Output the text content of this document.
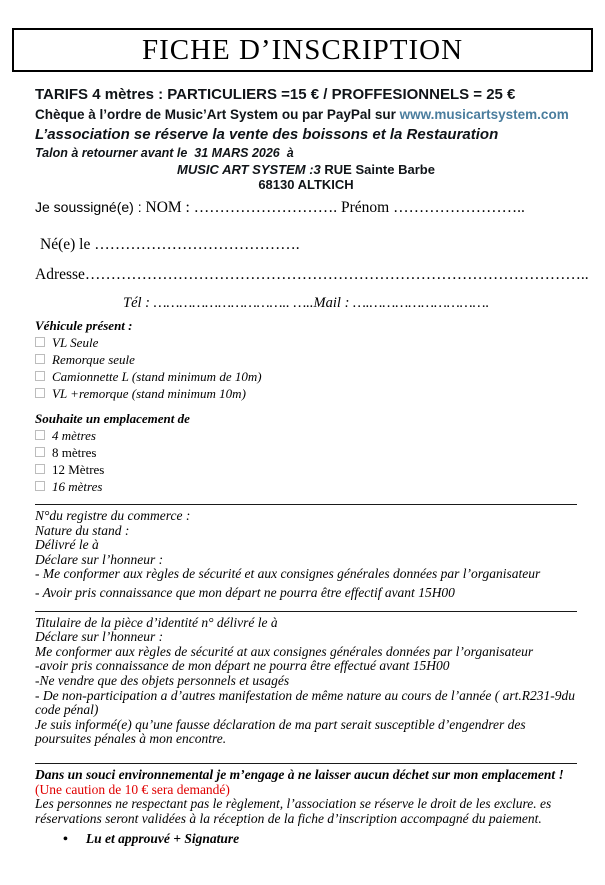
FICHE D’INSCRIPTION
TARIFS 4 mètres : PARTICULIERS =15 € / PROFFESIONNELS = 25 €
Chèque à l’ordre de Music’Art System ou par PayPal sur www.musicartsystem.com
L’association se réserve la vente des boissons et la Restauration
Talon à retourner avant le  31 MARS 2026  à
MUSIC ART SYSTEM :3 RUE Sainte Barbe
68130 ALTKICH
Je soussigné(e) : NOM : ………………………. Prénom ……………………..
Né(e) le ………………………………….
Adresse……………………………………………………………………………………..
Tél : ………………………….. …..Mail : ….……………………….
Véhicule présent :
VL Seule
Remorque seule
Camionnette L (stand minimum de 10m)
VL +remorque (stand minimum 10m)
Souhaite un emplacement de
4 mètres
8 mètres
12 Mètres
16 mètres
N°du registre du commerce :
Nature du stand :
Délivré le à
Déclare sur l’honneur :
- Me conformer aux règles de sécurité et aux consignes générales données par l’organisateur
- Avoir pris connaissance que mon départ ne pourra être effectif avant 15H00
Titulaire de la pièce d’identité n° délivré le à
Déclare sur l’honneur :
Me conformer aux règles de sécurité at aux consignes générales données par l’organisateur
-avoir pris connaissance de mon départ ne pourra être effectué avant 15H00
-Ne vendre que des objets personnels et usagés
- De non-participation a d’autres manifestation de même nature au cours de l’année ( art.R231-9du code pénal)
Je suis informé(e) qu’une fausse déclaration de ma part serait susceptible d’engendrer des poursuites pénales à mon encontre.
Dans un souci environnemental je m’engage à ne laisser aucun déchet sur mon emplacement !
(Une caution de 10 € sera demandé)
Les personnes ne respectant pas le règlement, l’association se réserve le droit de les exclure. es réservations seront validées à la réception de la fiche d’inscription accompagné du paiement.
• Lu et approuvé + Signature
